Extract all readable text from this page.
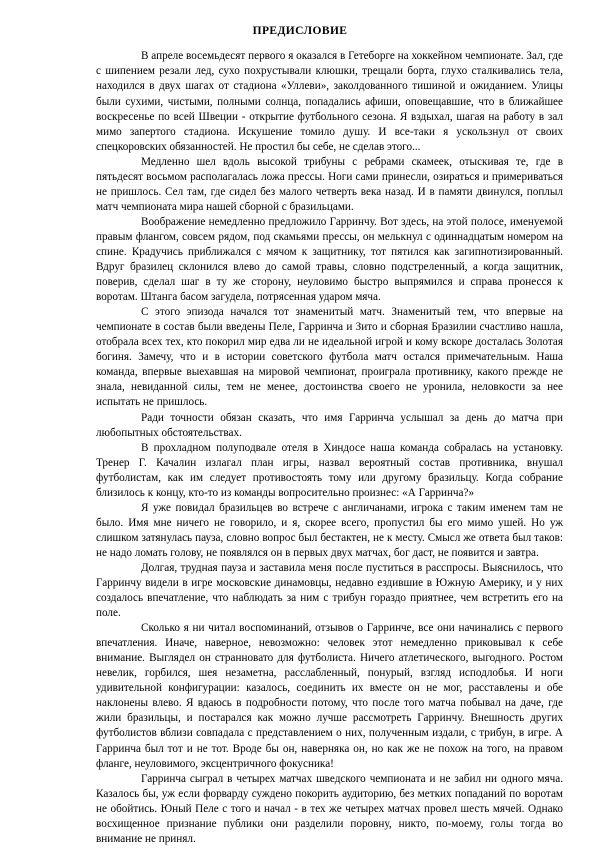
ПРЕДИСЛОВИЕ

В апреле восемьдесят первого я оказался в Гетеборге на хоккейном чемпионате. Зал, где с шипением резали лед, сухо похрустывали клюшки, трещали борта, глухо сталкивались тела, находился в двух шагах от стадиона «Уллеви», заколдованного тишиной и ожиданием. Улицы были сухими, чистыми, полными солнца, попадались афиши, оповещавшие, что в ближайшее воскресенье по всей Швеции - открытие футбольного сезона. Я вздыхал, шагая на работу в зал мимо запертого стадиона. Искушение томило душу. И все-таки я ускользнул от своих спецкоровских обязанностей. Не простил бы себе, не сделав этого...

Медленно шел вдоль высокой трибуны с ребрами скамеек, отыскивая те, где в пятьдесят восьмом располагалась ложа прессы. Ноги сами принесли, озираться и примериваться не пришлось. Сел там, где сидел без малого четверть века назад. И в памяти двинулся, поплыл матч чемпионата мира нашей сборной с бразильцами.

Воображение немедленно предложило Гарринчу. Вот здесь, на этой полосе, именуемой правым флангом, совсем рядом, под скамьями прессы, он мелькнул с одиннадцатым номером на спине. Крадучись приближался с мячом к защитнику, тот пятился как загипнотизированный. Вдруг бразилец склонился влево до самой травы, словно подстреленный, а когда защитник, поверив, сделал шаг в ту же сторону, неуловимо быстро выпрямился и справа пронесся к воротам. Штанга басом загудела, потрясенная ударом мяча.

С этого эпизода начался тот знаменитый матч. Знаменитый тем, что впервые на чемпионате в состав были введены Пеле, Гарринча и Зито и сборная Бразилии счастливо нашла, отобрала всех тех, кто покорил мир едва ли не идеальной игрой и кому вскоре досталась Золотая богиня. Замечу, что и в истории советского футбола матч остался примечательным. Наша команда, впервые выехавшая на мировой чемпионат, проиграла противнику, какого прежде не знала, невиданной силы, тем не менее, достоинства своего не уронила, неловкости за нее испытать не пришлось.

Ради точности обязан сказать, что имя Гарринча услышал за день до матча при любопытных обстоятельствах.

В прохладном полуподвале отеля в Хиндосе наша команда собралась на установку. Тренер Г. Качалин излагал план игры, назвал вероятный состав противника, внушал футболистам, как им следует противостоять тому или другому бразильцу. Когда собрание близилось к концу, кто-то из команды вопросительно произнес: «А Гарринча?»

Я уже повидал бразильцев во встрече с англичанами, игрока с таким именем там не было. Имя мне ничего не говорило, и я, скорее всего, пропустил бы его мимо ушей. Но уж слишком затянулась пауза, словно вопрос был бестактен, не к месту. Смысл же ответа был таков: не надо ломать голову, не появлялся он в первых двух матчах, бог даст, не появится и завтра.

Долгая, трудная пауза и заставила меня после пуститься в расспросы. Выяснилось, что Гарринчу видели в игре московские динамовцы, недавно ездившие в Южную Америку, и у них создалось впечатление, что наблюдать за ним с трибун гораздо приятнее, чем встретить его на поле.

Сколько я ни читал воспоминаний, отзывов о Гарринче, все они начинались с первого впечатления. Иначе, наверное, невозможно: человек этот немедленно приковывал к себе внимание. Выглядел он странновато для футболиста. Ничего атлетического, выгодного. Ростом невелик, горбился, шея незаметна, расслабленный, понурый, взгляд исподлобья. И ноги удивительной конфигурации: казалось, соединить их вместе он не мог, расставлены и обе наклонены влево. Я вдаюсь в подробности потому, что после того матча побывал на даче, где жили бразильцы, и постарался как можно лучше рассмотреть Гарринчу. Внешность других футболистов вблизи совпадала с представлением о них, полученным издали, с трибун, в игре. А Гарринча был тот и не тот. Вроде бы он, наверняка он, но как же не похож на того, на правом фланге, неуловимого, эксцентричного фокусника!

Гарринча сыграл в четырех матчах шведского чемпионата и не забил ни одного мяча. Казалось бы, уж если форварду суждено покорить аудиторию, без метких попаданий по воротам не обойтись. Юный Пеле с того и начал - в тех же четырех матчах провел шесть мячей. Однако восхищенное признание публики они разделили поровну, никто, по-моему, голы тогда во внимание не принял.
